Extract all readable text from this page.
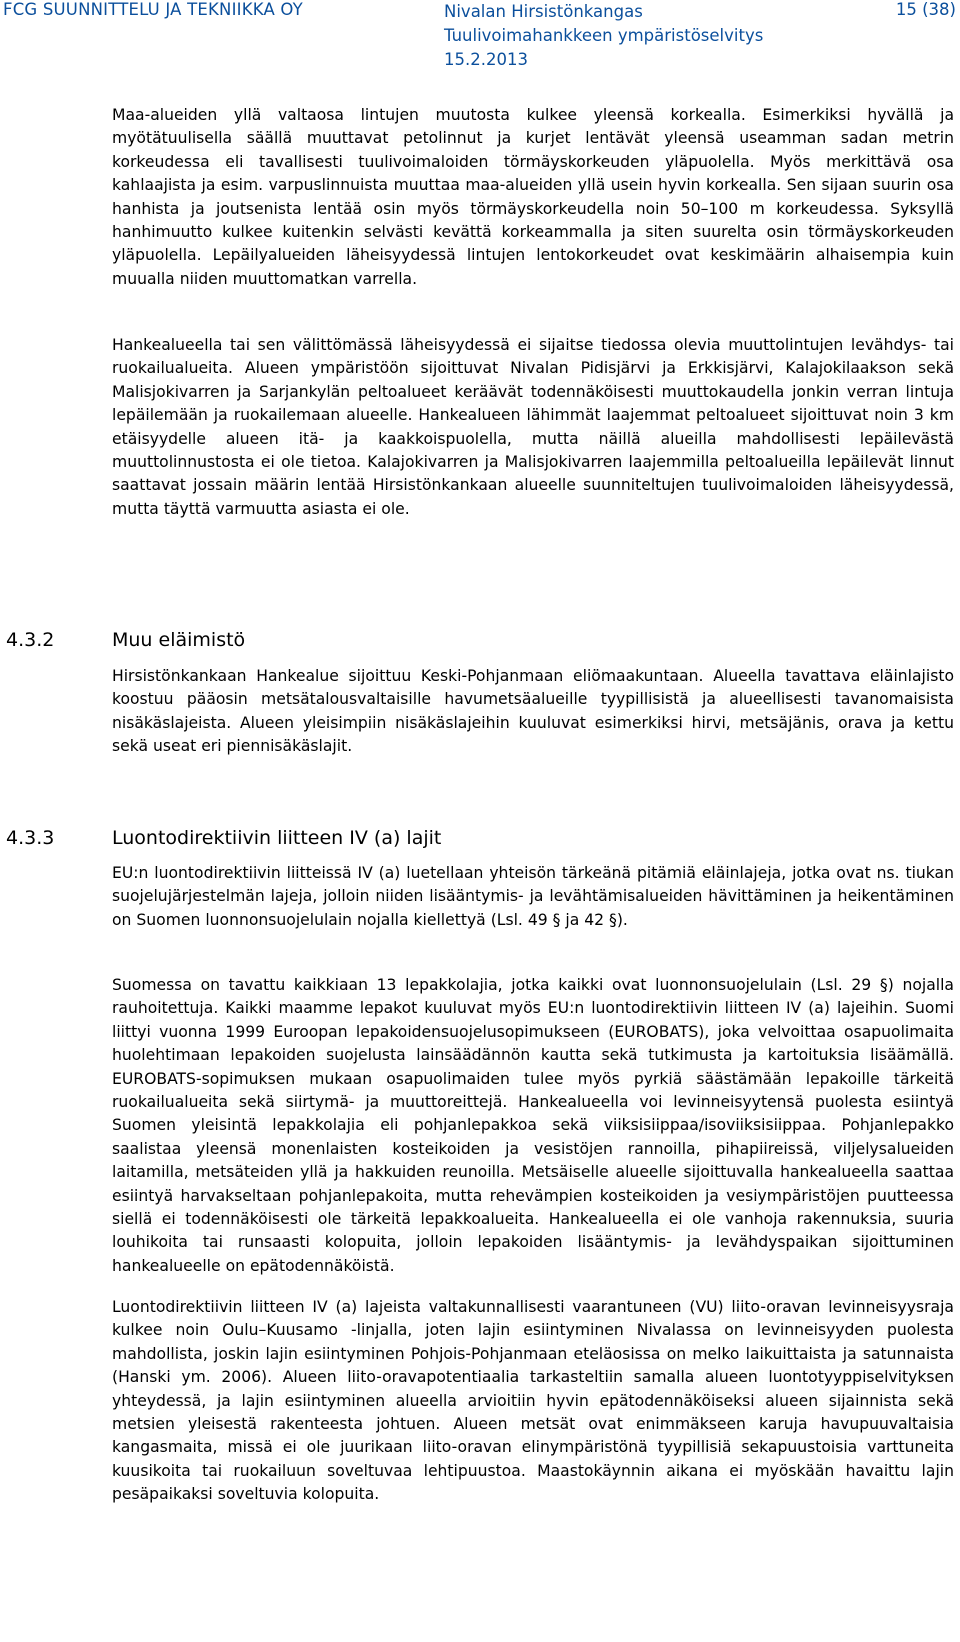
FCG SUUNNITTELU JA TEKNIIKKA OY	Nivalan Hirsistönkangas
Tuulivoimahankkeen ympäristöselvitys
15.2.2013
15 (38)

Maa-alueiden yllä valtaosa lintujen muutosta kulkee yleensä korkealla. Esimerkiksi hyvällä ja myötätuulisella säällä muuttavat petolinnut ja kurjet lentävät yleensä useamman sadan metrin korkeudessa eli tavallisesti tuulivoimaloiden törmäyskorkeuden yläpuolella. Myös merkittävä osa kahlaajista ja esim. varpuslinnuista muuttaa maa-alueiden yllä usein hyvin korkealla. Sen sijaan suurin osa hanhista ja joutsenista lentää osin myös törmäyskorkeudella noin 50–100 m korkeudessa. Syksyllä hanhimuutto kulkee kuitenkin selvästi kevättä korkeammalla ja siten suurelta osin törmäyskorkeuden yläpuolella. Lepäilyalueiden läheisyydessä lintujen lentokorkeudet ovat keskimäärin alhaisempia kuin muualla niiden muuttomatkan varrella.

Hankealueella tai sen välittömässä läheisyydessä ei sijaitse tiedossa olevia muuttolintujen levähdys- tai ruokailualueita. Alueen ympäristöön sijoittuvat Nivalan Pidisjärvi ja Erkkisjärvi, Kalajokilaakson sekä Malisjokivarren ja Sarjankylän peltoalueet keräävät todennäköisesti muuttokaudella jonkin verran lintuja lepäilemään ja ruokailemaan alueelle. Hankealueen lähimmät laajemmat peltoalueet sijoittuvat noin 3 km etäisyydelle alueen itä- ja kaakkoispuolella, mutta näillä alueilla mahdollisesti lepäilevästä muuttolinnustosta ei ole tietoa. Kalajokivarren ja Malisjokivarren laajemmilla peltoalueilla lepäilevät linnut saattavat jossain määrin lentää Hirsistönkankaan alueelle suunniteltujen tuulivoimaloiden läheisyydessä, mutta täyttä varmuutta asiasta ei ole.

4.3.2	Muu eläimistö

Hirsistönkankaan Hankealue sijoittuu Keski-Pohjanmaan eliömaakuntaan. Alueella tavattava eläinlajisto koostuu pääosin metsätalousvaltaisille havumetsäalueille tyypillisistä ja alueellisesti tavanomaisista nisäkäslajeista. Alueen yleisimpiin nisäkäslajeihin kuuluvat esimerkiksi hirvi, metsäjänis, orava ja kettu sekä useat eri piennisäkäslajit.

4.3.3	Luontodirektiivin liitteen IV (a) lajit

EU:n luontodirektiivin liitteissä IV (a) luetellaan yhteisön tärkeänä pitämiä eläinlajeja, jotka ovat ns. tiukan suojelujärjestelmän lajeja, jolloin niiden lisääntymis- ja levähtämisalueiden hävittäminen ja heikentäminen on Suomen luonnonsuojelulain nojalla kiellettyä (Lsl. 49 § ja 42 §).

Suomessa on tavattu kaikkiaan 13 lepakkolajia, jotka kaikki ovat luonnonsuojelulain (Lsl. 29 §) nojalla rauhoitettuja. Kaikki maamme lepakot kuuluvat myös EU:n luontodirektiivin liitteen IV (a) lajeihin. Suomi liittyi vuonna 1999 Euroopan lepakoidensuojelusopimukseen (EUROBATS), joka velvoittaa osapuolimaita huolehtimaan lepakoiden suojelusta lainsäädännön kautta sekä tutkimusta ja kartoituksia lisäämällä. EUROBATS-sopimuksen mukaan osapuolimaiden tulee myös pyrkiä säästämään lepakoille tärkeitä ruokailualueita sekä siirtymä- ja muuttoreittejä. Hankealueella voi levinneisyytensä puolesta esiintyä Suomen yleisintä lepakkolajia eli pohjanlepakkoa sekä viiksisiippaa/isoviiksisiippaa. Pohjanlepakko saalistaa yleensä monenlaisten kosteikoiden ja vesistöjen rannoilla, pihapiireissä, viljelysalueiden laitamilla, metsäteiden yllä ja hakkuiden reunoilla. Metsäiselle alueelle sijoittuvalla hankealueella saattaa esiintyä harvakseltaan pohjanlepakoita, mutta rehevämpien kosteikoiden ja vesiympäristöjen puutteessa siellä ei todennäköisesti ole tärkeitä lepakkoalueita. Hankealueella ei ole vanhoja rakennuksia, suuria louhikoita tai runsaasti kolopuita, jolloin lepakoiden lisääntymis- ja levähdyspaikan sijoittuminen hankealueelle on epätodennäköistä.

Luontodirektiivin liitteen IV (a) lajeista valtakunnallisesti vaarantuneen (VU) liito-oravan levinneisyysraja kulkee noin Oulu–Kuusamo -linjalla, joten lajin esiintyminen Nivalassa on levinneisyyden puolesta mahdollista, joskin lajin esiintyminen Pohjois-Pohjanmaan eteläosissa on melko laikuittaista ja satunnaista (Hanski ym. 2006). Alueen liito-oravapotentiaalia tarkasteltiin samalla alueen luontotyyppiselvityksen yhteydessä, ja lajin esiintyminen alueella arvioitiin hyvin epätodennäköiseksi alueen sijainnista sekä metsien yleisestä rakenteesta johtuen. Alueen metsät ovat enimmäkseen karuja havupuuvaltaisia kangasmaita, missä ei ole juurikaan liito-oravan elinympäristönä tyypillisiä sekapuustoisia varttuneita kuusikoita tai ruokailuun soveltuvaa lehtipuustoa. Maastokäynnin aikana ei myöskään havaittu lajin pesäpaikaksi soveltuvia kolopuita.
